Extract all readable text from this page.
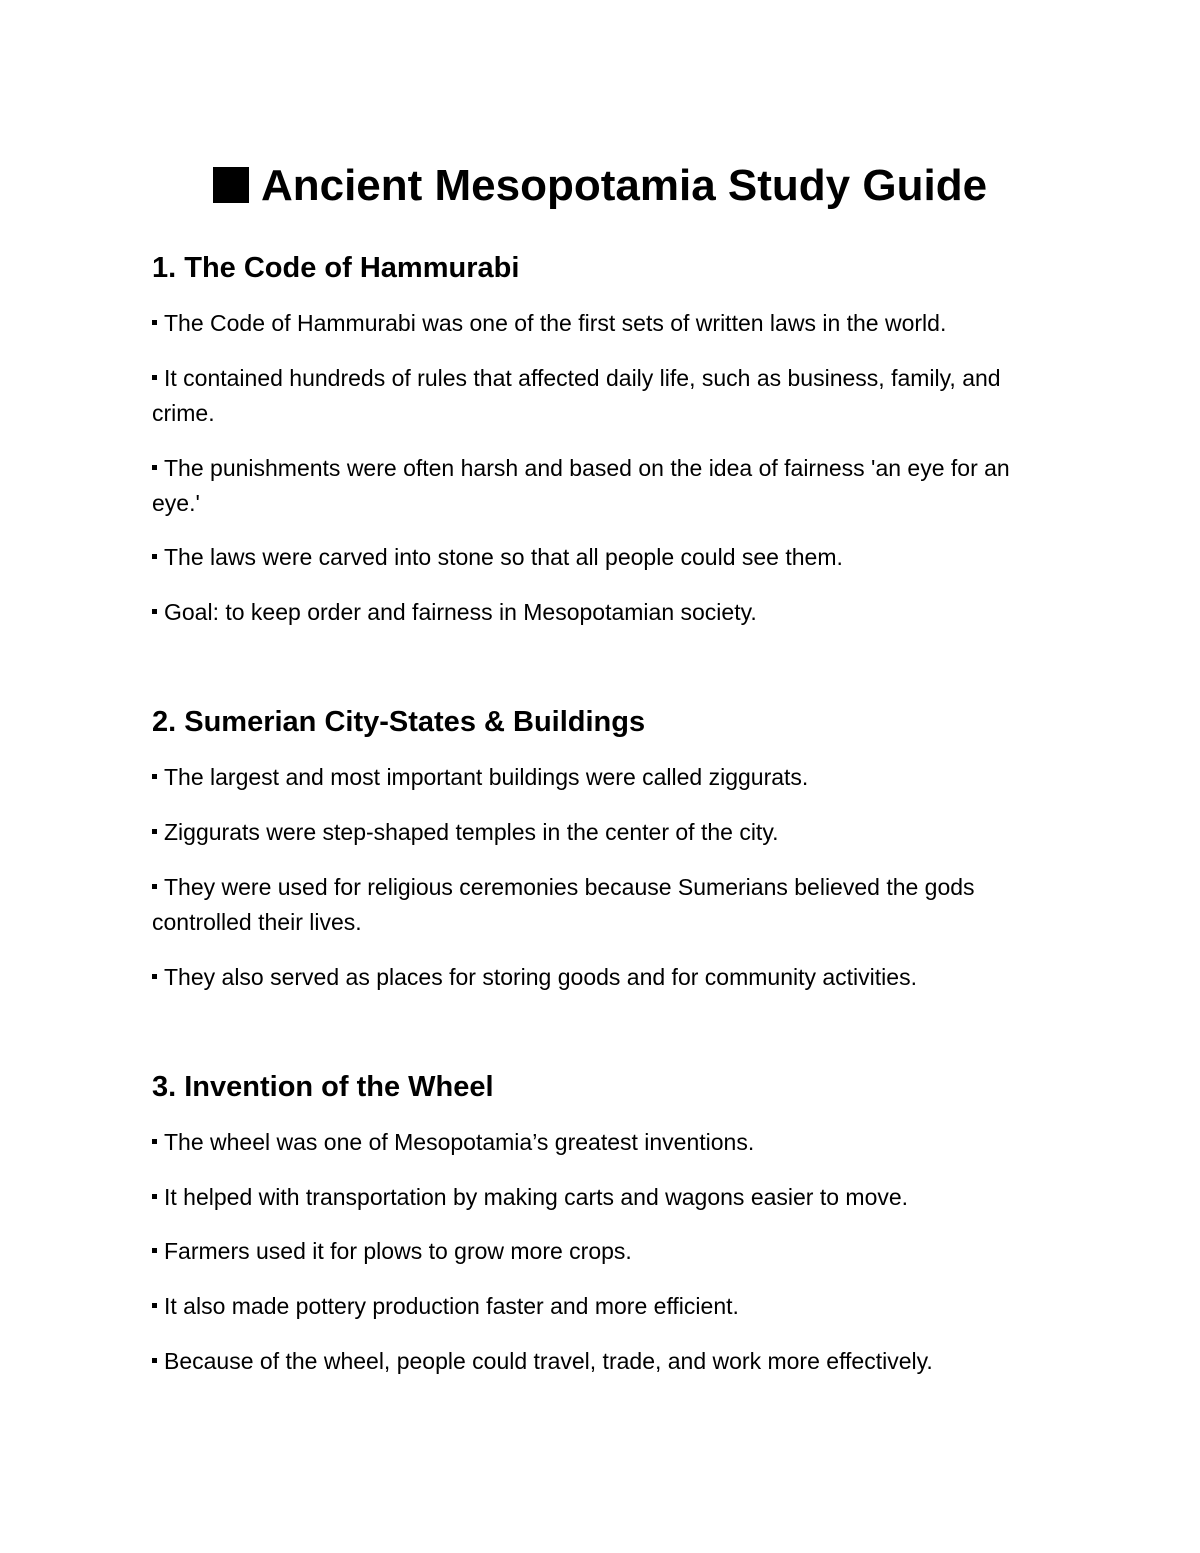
Ancient Mesopotamia Study Guide
1. The Code of Hammurabi
The Code of Hammurabi was one of the first sets of written laws in the world.
It contained hundreds of rules that affected daily life, such as business, family, and crime.
The punishments were often harsh and based on the idea of fairness 'an eye for an eye.'
The laws were carved into stone so that all people could see them.
Goal: to keep order and fairness in Mesopotamian society.
2. Sumerian City-States & Buildings
The largest and most important buildings were called ziggurats.
Ziggurats were step-shaped temples in the center of the city.
They were used for religious ceremonies because Sumerians believed the gods controlled their lives.
They also served as places for storing goods and for community activities.
3. Invention of the Wheel
The wheel was one of Mesopotamia’s greatest inventions.
It helped with transportation by making carts and wagons easier to move.
Farmers used it for plows to grow more crops.
It also made pottery production faster and more efficient.
Because of the wheel, people could travel, trade, and work more effectively.
